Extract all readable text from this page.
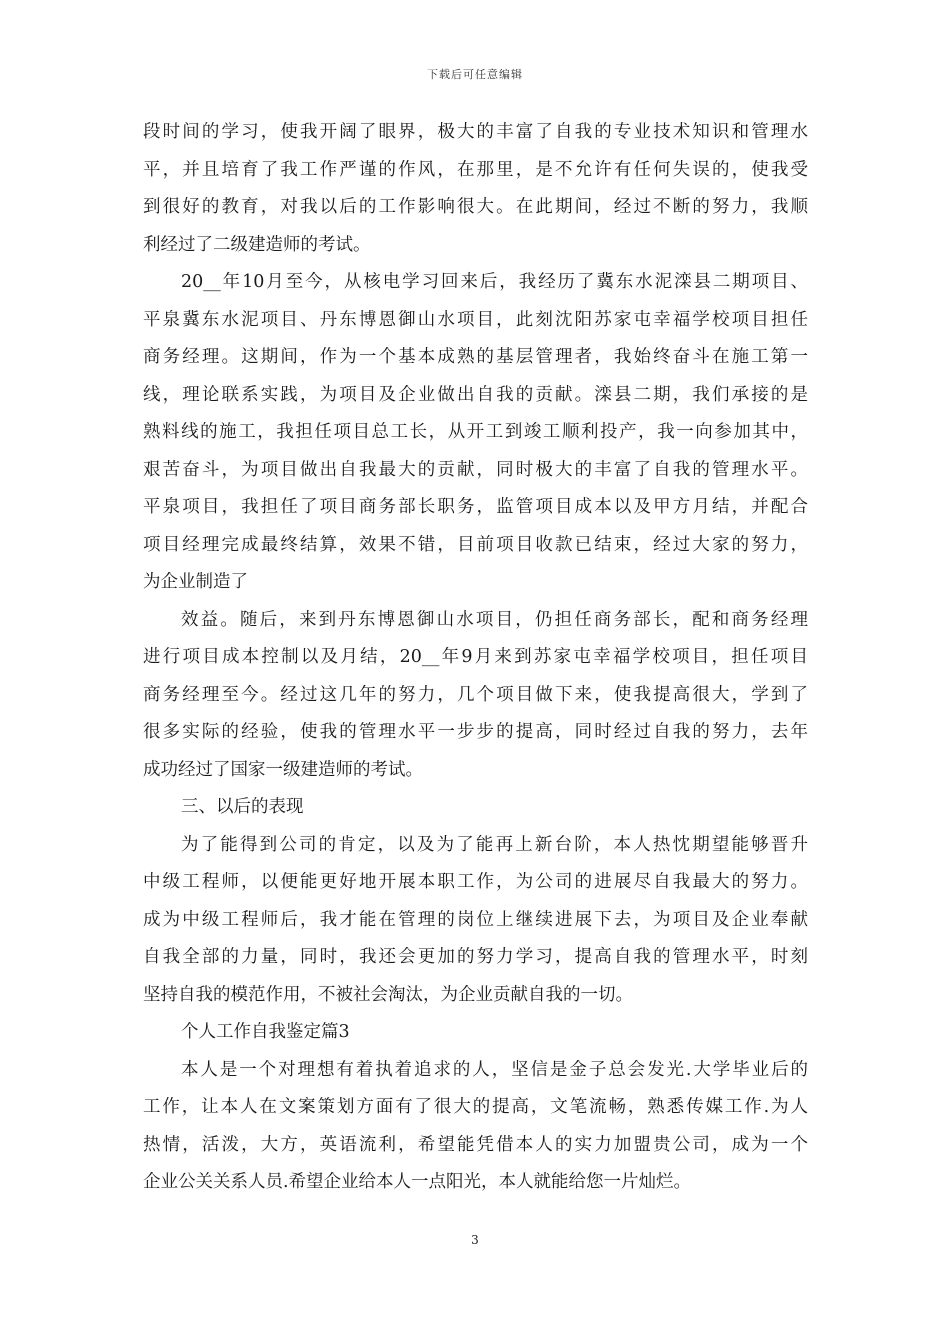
下载后可任意编辑
段时间的学习，使我开阔了眼界，极大的丰富了自我的专业技术知识和管理水
平，并且培育了我工作严谨的作风，在那里，是不允许有任何失误的，使我受
到很好的教育，对我以后的工作影响很大。在此期间，经过不断的努力，我顺
利经过了二级建造师的考试。
20__年10月至今，从核电学习回来后，我经历了冀东水泥滦县二期项目、
平泉冀东水泥项目、丹东博恩御山水项目，此刻沈阳苏家屯幸福学校项目担任
商务经理。这期间，作为一个基本成熟的基层管理者，我始终奋斗在施工第一
线，理论联系实践，为项目及企业做出自我的贡献。滦县二期，我们承接的是
熟料线的施工，我担任项目总工长，从开工到竣工顺利投产，我一向参加其中，
艰苦奋斗，为项目做出自我最大的贡献，同时极大的丰富了自我的管理水平。
平泉项目，我担任了项目商务部长职务，监管项目成本以及甲方月结，并配合
项目经理完成最终结算，效果不错，目前项目收款已结束，经过大家的努力，
为企业制造了
效益。随后，来到丹东博恩御山水项目，仍担任商务部长，配和商务经理
进行项目成本控制以及月结，20__年9月来到苏家屯幸福学校项目，担任项目
商务经理至今。经过这几年的努力，几个项目做下来，使我提高很大，学到了
很多实际的经验，使我的管理水平一步步的提高，同时经过自我的努力，去年
成功经过了国家一级建造师的考试。
三、以后的表现
为了能得到公司的肯定，以及为了能再上新台阶，本人热忱期望能够晋升
中级工程师，以便能更好地开展本职工作，为公司的进展尽自我最大的努力。
成为中级工程师后，我才能在管理的岗位上继续进展下去，为项目及企业奉献
自我全部的力量，同时，我还会更加的努力学习，提高自我的管理水平，时刻
坚持自我的模范作用，不被社会淘汰，为企业贡献自我的一切。
个人工作自我鉴定篇3
本人是一个对理想有着执着追求的人，坚信是金子总会发光.大学毕业后的
工作，让本人在文案策划方面有了很大的提高，文笔流畅，熟悉传媒工作.为人
热情，活泼，大方，英语流利，希望能凭借本人的实力加盟贵公司，成为一个
企业公关关系人员.希望企业给本人一点阳光，本人就能给您一片灿烂。
3
